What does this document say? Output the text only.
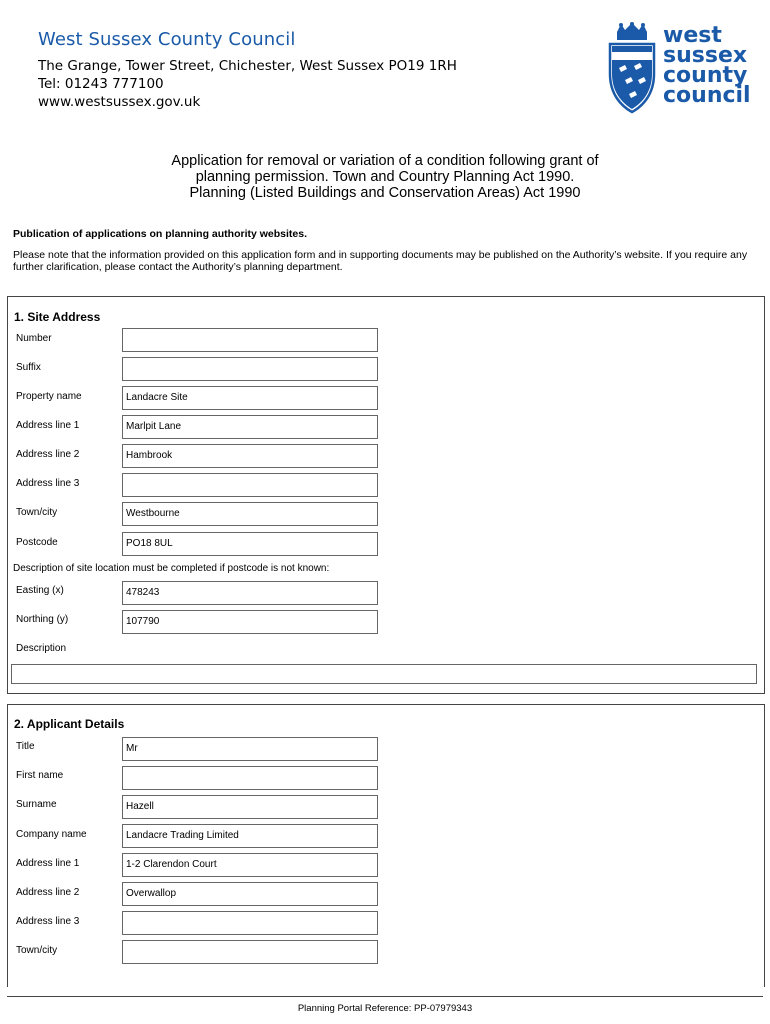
West Sussex County Council
The Grange, Tower Street, Chichester, West Sussex PO19 1RH
Tel: 01243 777100
www.westsussex.gov.uk
west
sussex
county
council
Application for removal or variation of a condition following grant of
planning permission. Town and Country Planning Act 1990.
Planning (Listed Buildings and Conservation Areas) Act 1990
Publication of applications on planning authority websites.
Please note that the information provided on this application form and in supporting documents may be published on the Authority’s website. If you require any further clarification, please contact the Authority’s planning department.
1. Site Address
Number
Suffix
Property name	Landacre Site
Address line 1	Marlpit Lane
Address line 2	Hambrook
Address line 3
Town/city	Westbourne
Postcode	PO18 8UL
Description of site location must be completed if postcode is not known:
Easting (x)	478243
Northing (y)	107790
Description
2. Applicant Details
Title	Mr
First name
Surname	Hazell
Company name	Landacre Trading Limited
Address line 1	1-2 Clarendon Court
Address line 2	Overwallop
Address line 3
Town/city
Planning Portal Reference: PP-07979343
